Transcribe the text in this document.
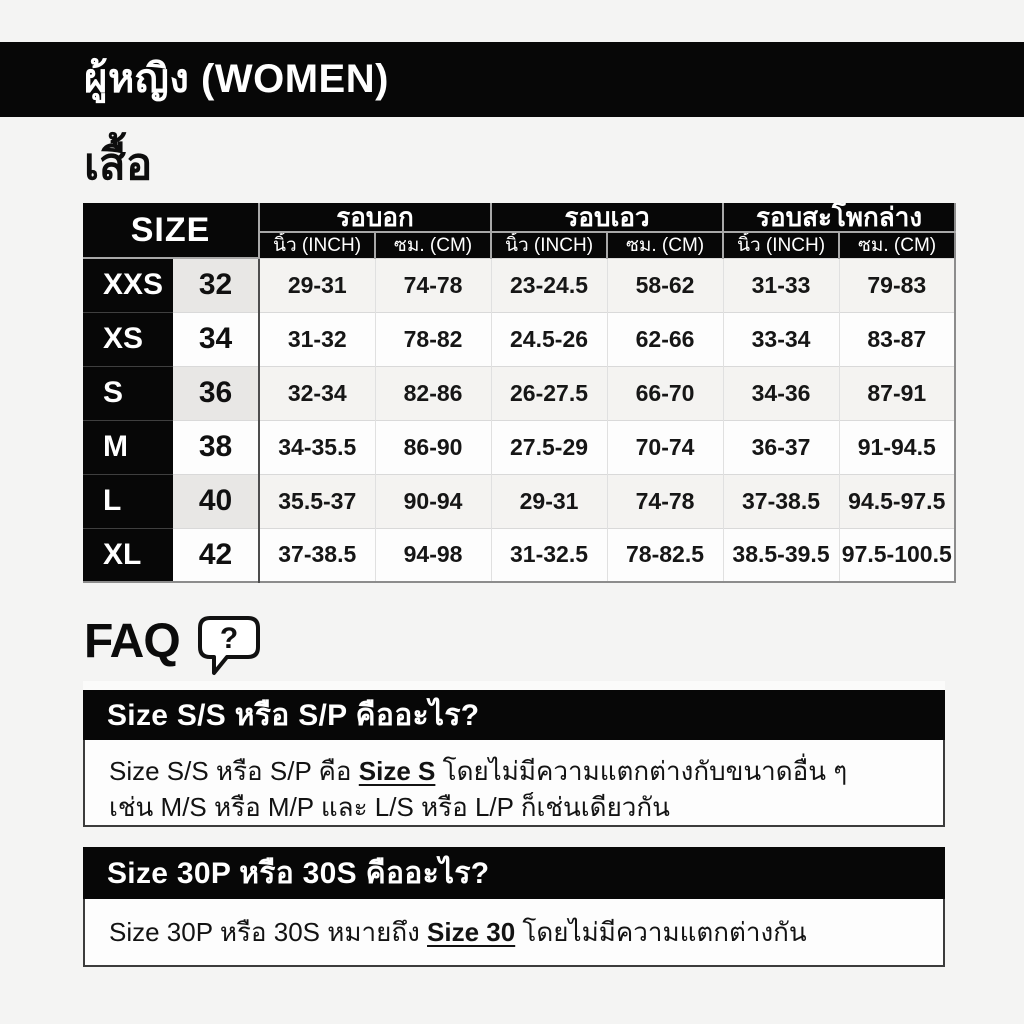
ผู้หญิง (WOMEN)
เสื้อ
SIZE		รอบอก		รอบเอว		รอบสะโพกล่าง	
		นิ้ว (INCH)	ซม. (CM)	นิ้ว (INCH)	ซม. (CM)	นิ้ว (INCH)	ซม. (CM)
XXS	32	29-31	74-78	23-24.5	58-62	31-33	79-83
XS	34	31-32	78-82	24.5-26	62-66	33-34	83-87
S	36	32-34	82-86	26-27.5	66-70	34-36	87-91
M	38	34-35.5	86-90	27.5-29	70-74	36-37	91-94.5
L	40	35.5-37	90-94	29-31	74-78	37-38.5	94.5-97.5
XL	42	37-38.5	94-98	31-32.5	78-82.5	38.5-39.5	97.5-100.5
FAQ ?
Size S/S หรือ S/P คืออะไร?
Size S/S หรือ S/P คือ Size S โดยไม่มีความแตกต่างกับขนาดอื่น ๆ
เช่น M/S หรือ M/P และ L/S หรือ L/P ก็เช่นเดียวกัน
Size 30P หรือ 30S คืออะไร?
Size 30P หรือ 30S หมายถึง Size 30 โดยไม่มีความแตกต่างกัน
